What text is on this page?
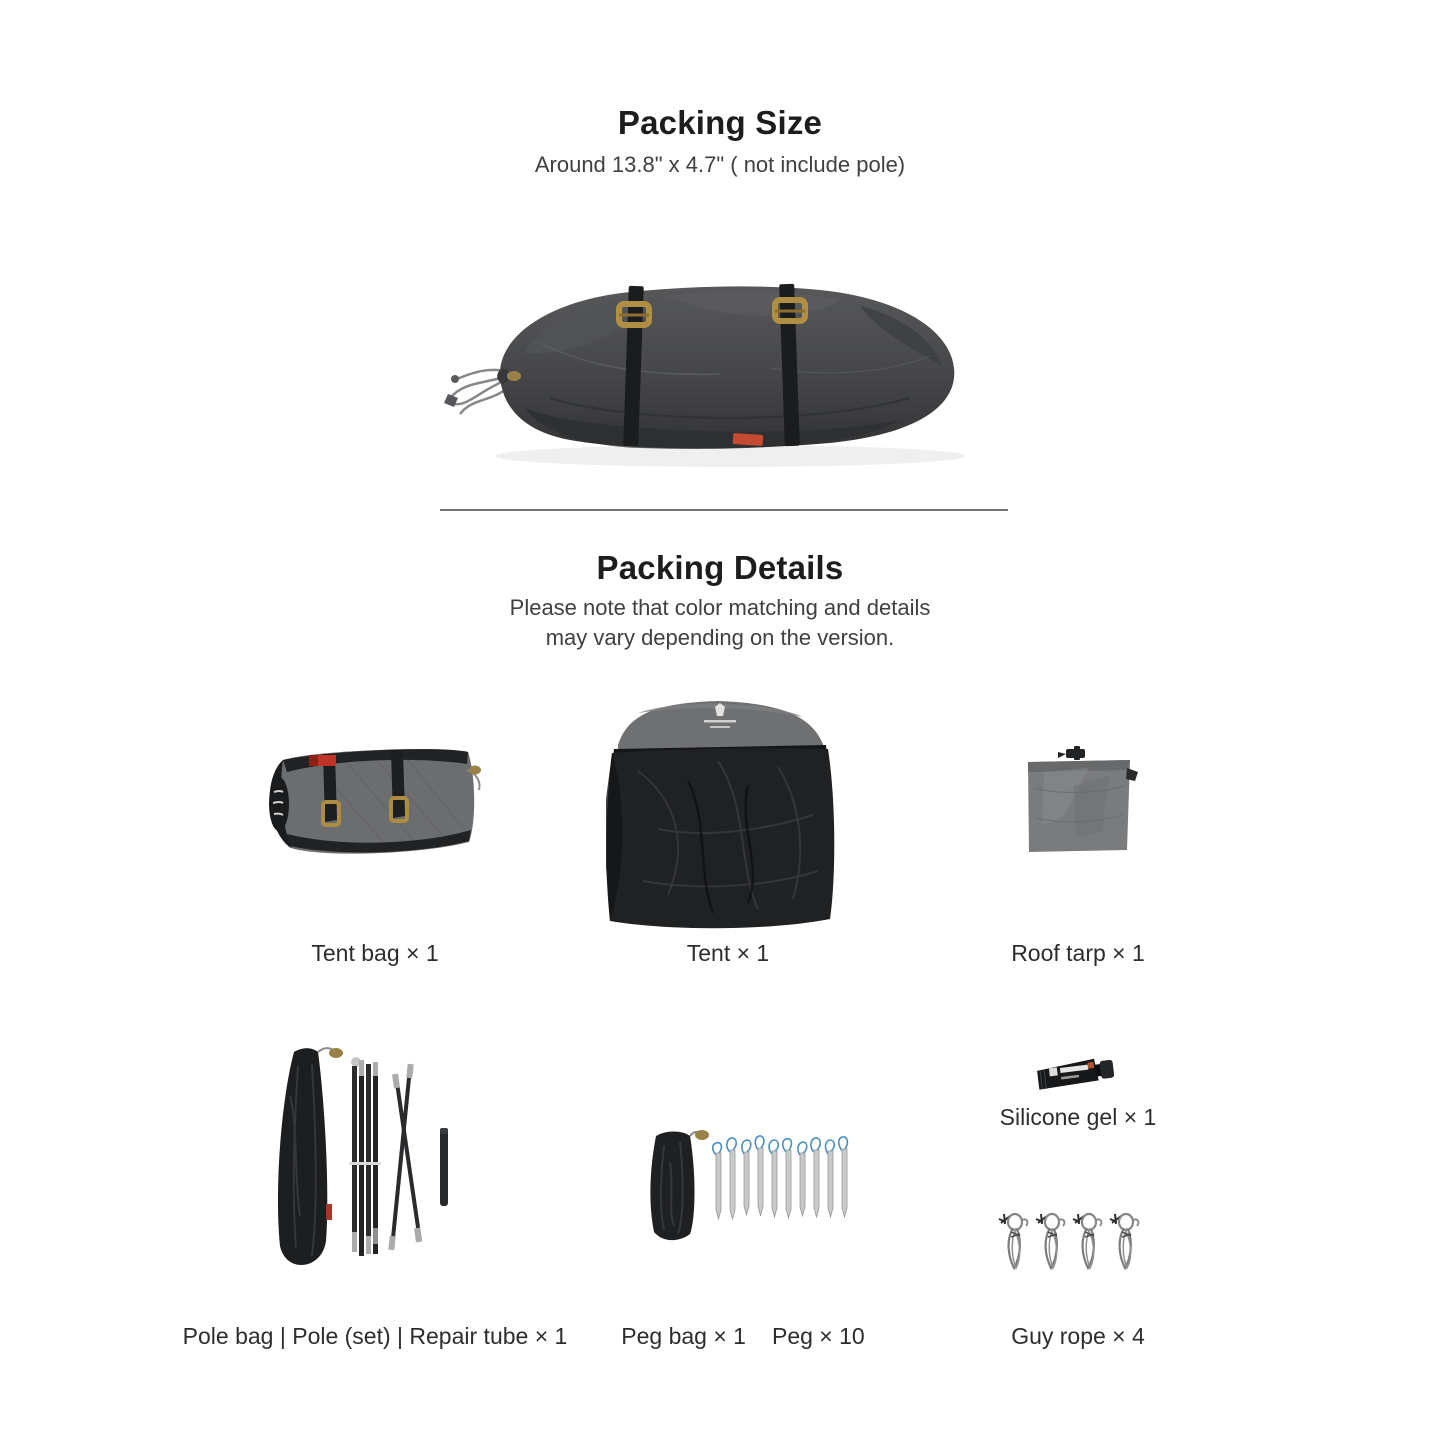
Packing Size
Around 13.8" x 4.7" ( not include pole)
Packing Details
Please note that color matching and details
may vary depending on the version.
Tent bag × 1	Tent × 1	Roof tarp × 1
Silicone gel × 1
Pole bag | Pole (set) | Repair tube × 1	Peg bag × 1 Peg × 10	Guy rope × 4
